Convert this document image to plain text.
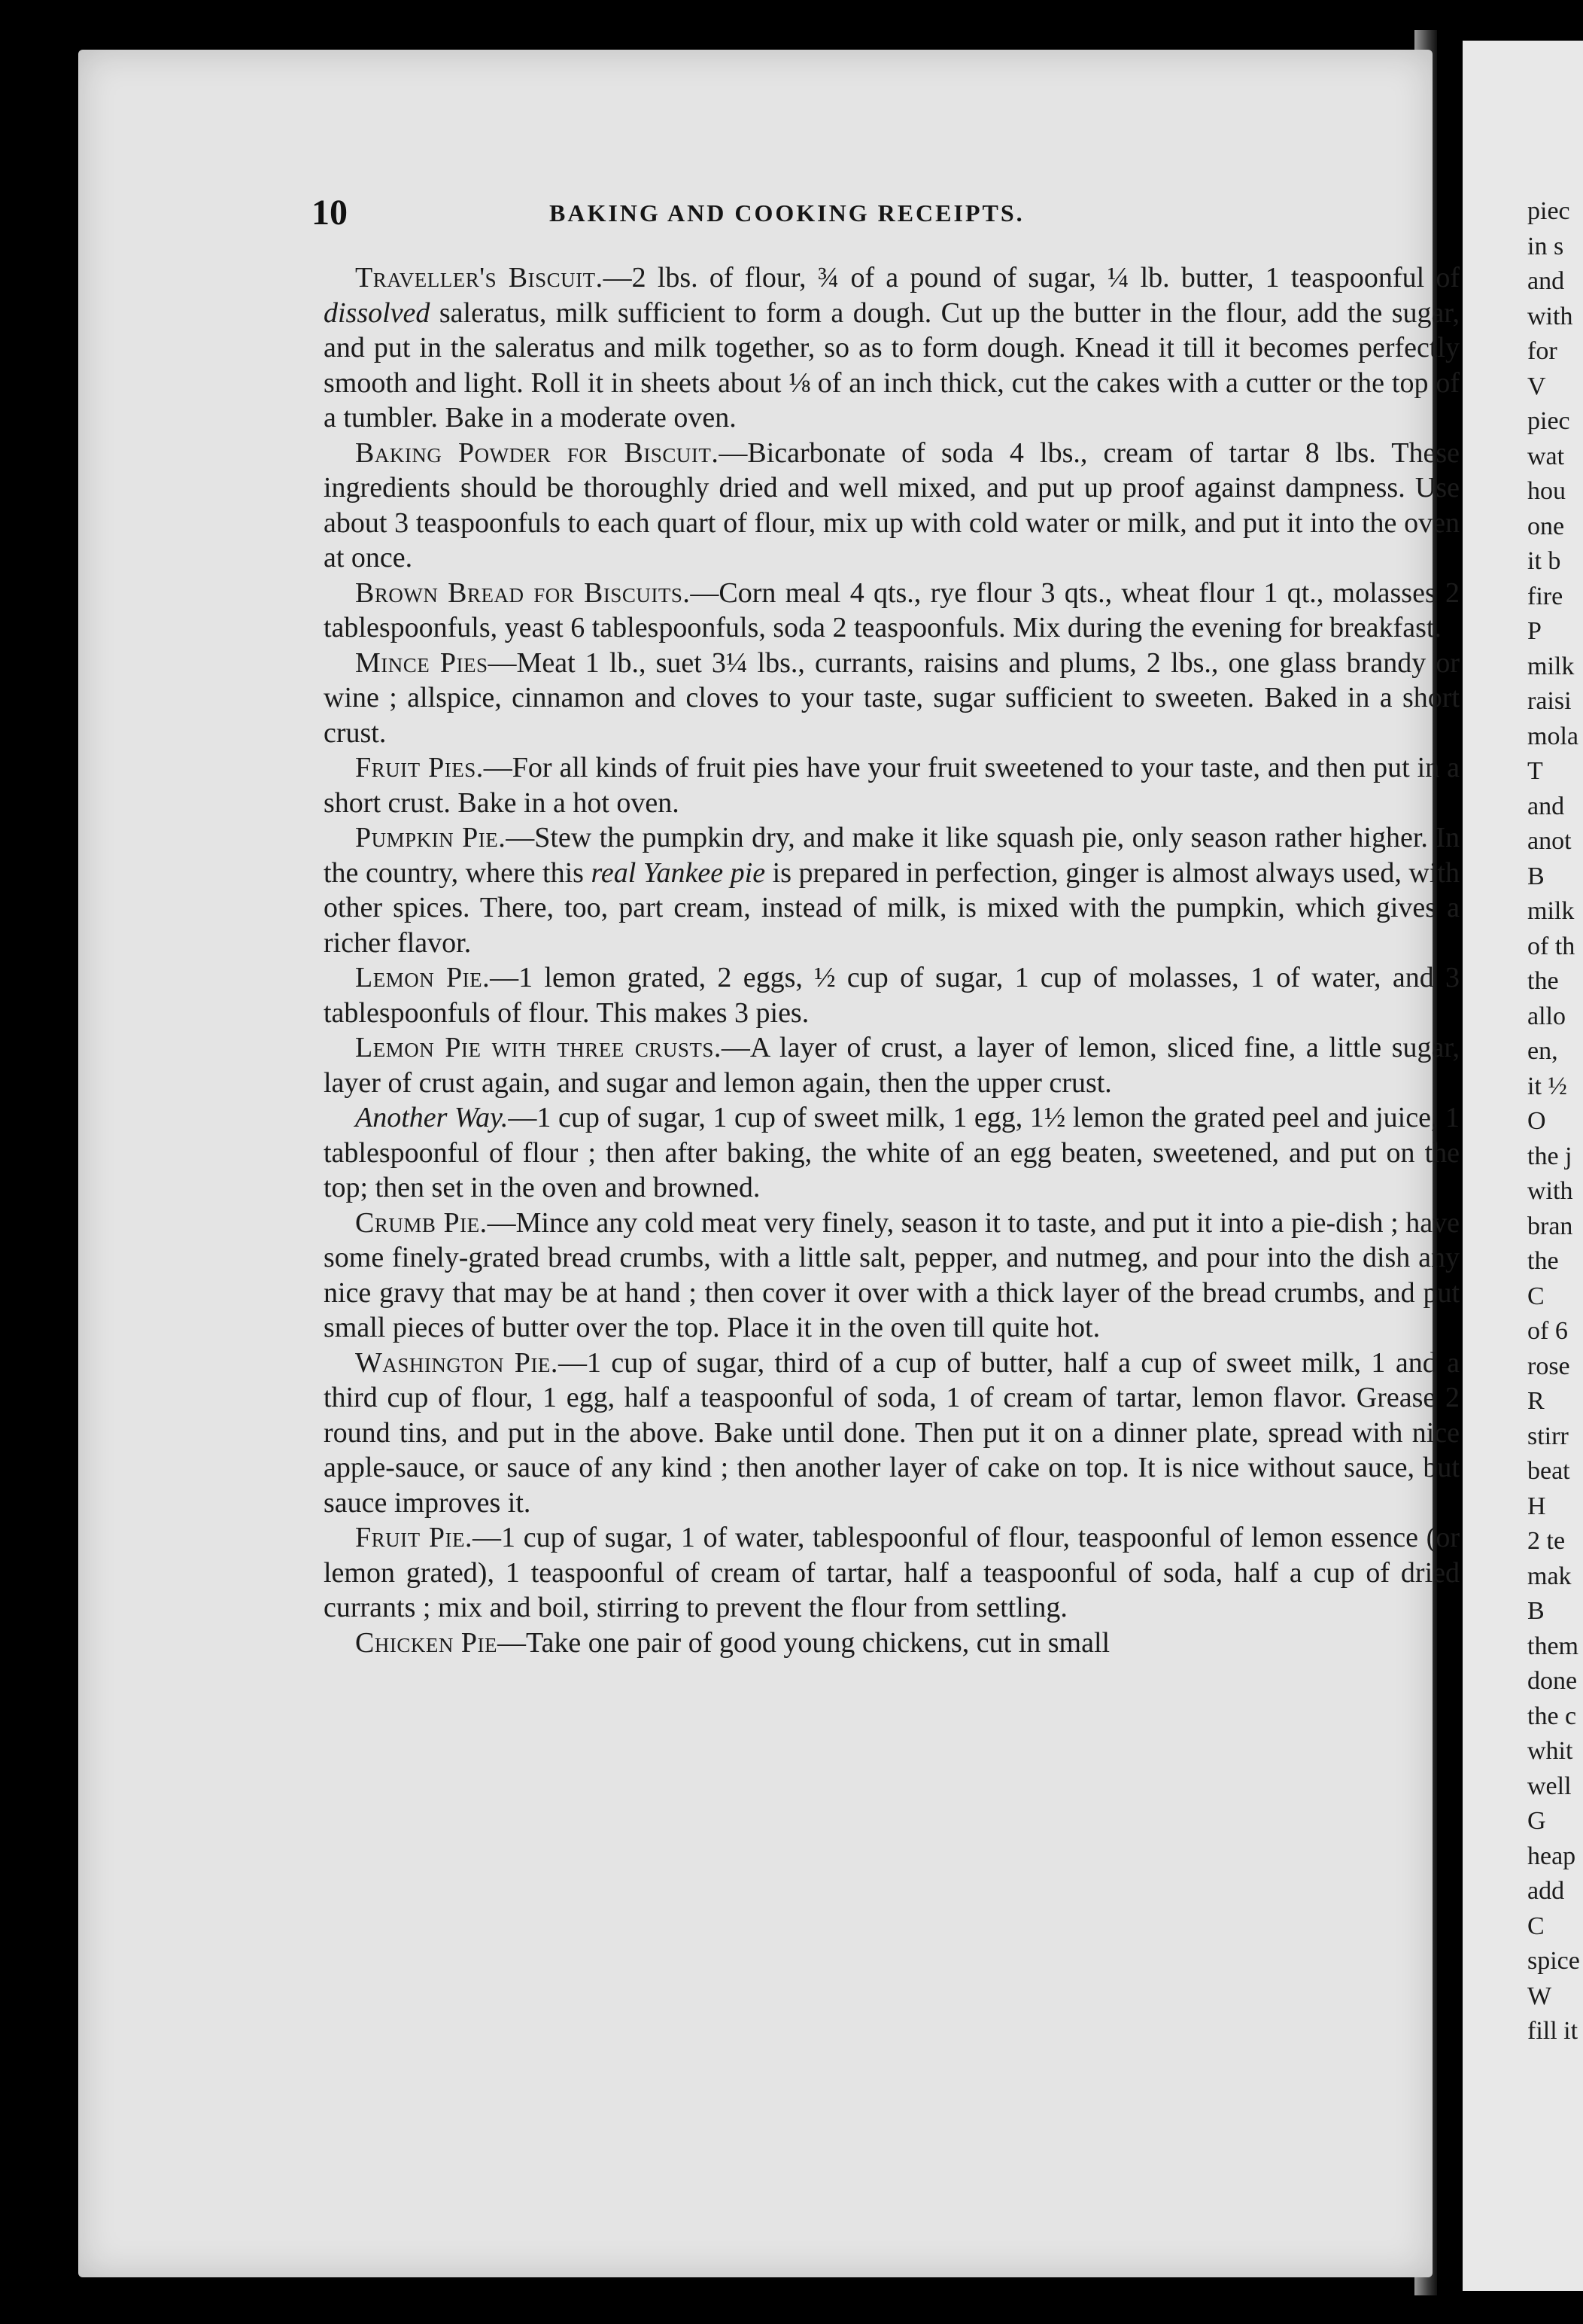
piec
in s
and
with
for
V
piec
wat
hou
one
it b
fire
P
milk
raisi
mola
T
and
anot
B
milk
of th
the
allo
en,
it ½
O
the j
with
bran
the
C
of 6
rose
R
stirr
beat
H
2 te
mak
B
them
done
the c
whit
well
G
heap
add
C
spice
W
fill it
10	BAKING AND COOKING RECEIPTS.

Traveller's Biscuit.—2 lbs. of flour, ¾ of a pound of sugar, ¼ lb. butter, 1 teaspoonful of dissolved saleratus, milk sufficient to form a dough. Cut up the butter in the flour, add the sugar, and put in the saleratus and milk together, so as to form dough. Knead it till it becomes perfectly smooth and light. Roll it in sheets about ⅛ of an inch thick, cut the cakes with a cutter or the top of a tumbler. Bake in a moderate oven.

Baking Powder for Biscuit.—Bicarbonate of soda 4 lbs., cream of tartar 8 lbs. These ingredients should be thoroughly dried and well mixed, and put up proof against dampness. Use about 3 teaspoonfuls to each quart of flour, mix up with cold water or milk, and put it into the oven at once.

Brown Bread for Biscuits.—Corn meal 4 qts., rye flour 3 qts., wheat flour 1 qt., molasses 2 tablespoonfuls, yeast 6 tablespoonfuls, soda 2 teaspoonfuls. Mix during the evening for breakfast.

Mince Pies—Meat 1 lb., suet 3¼ lbs., currants, raisins and plums, 2 lbs., one glass brandy or wine ; allspice, cinnamon and cloves to your taste, sugar sufficient to sweeten. Baked in a short crust.

Fruit Pies.—For all kinds of fruit pies have your fruit sweetened to your taste, and then put in a short crust. Bake in a hot oven.

Pumpkin Pie.—Stew the pumpkin dry, and make it like squash pie, only season rather higher. In the country, where this real Yankee pie is prepared in perfection, ginger is almost always used, with other spices. There, too, part cream, instead of milk, is mixed with the pumpkin, which gives a richer flavor.

Lemon Pie.—1 lemon grated, 2 eggs, ½ cup of sugar, 1 cup of molasses, 1 of water, and 3 tablespoonfuls of flour. This makes 3 pies.

Lemon Pie with three crusts.—A layer of crust, a layer of lemon, sliced fine, a little sugar, layer of crust again, and sugar and lemon again, then the upper crust.

Another Way.—1 cup of sugar, 1 cup of sweet milk, 1 egg, 1½ lemon the grated peel and juice, 1 tablespoonful of flour ; then after baking, the white of an egg beaten, sweetened, and put on the top; then set in the oven and browned.

Crumb Pie.—Mince any cold meat very finely, season it to taste, and put it into a pie-dish ; have some finely-grated bread crumbs, with a little salt, pepper, and nutmeg, and pour into the dish any nice gravy that may be at hand ; then cover it over with a thick layer of the bread crumbs, and put small pieces of butter over the top. Place it in the oven till quite hot.

Washington Pie.—1 cup of sugar, third of a cup of butter, half a cup of sweet milk, 1 and a third cup of flour, 1 egg, half a teaspoonful of soda, 1 of cream of tartar, lemon flavor. Grease 2 round tins, and put in the above. Bake until done. Then put it on a dinner plate, spread with nice apple-sauce, or sauce of any kind ; then another layer of cake on top. It is nice without sauce, but sauce improves it.

Fruit Pie.—1 cup of sugar, 1 of water, tablespoonful of flour, teaspoonful of lemon essence (or lemon grated), 1 teaspoonful of cream of tartar, half a teaspoonful of soda, half a cup of dried currants ; mix and boil, stirring to prevent the flour from settling.

Chicken Pie—Take one pair of good young chickens, cut in small
